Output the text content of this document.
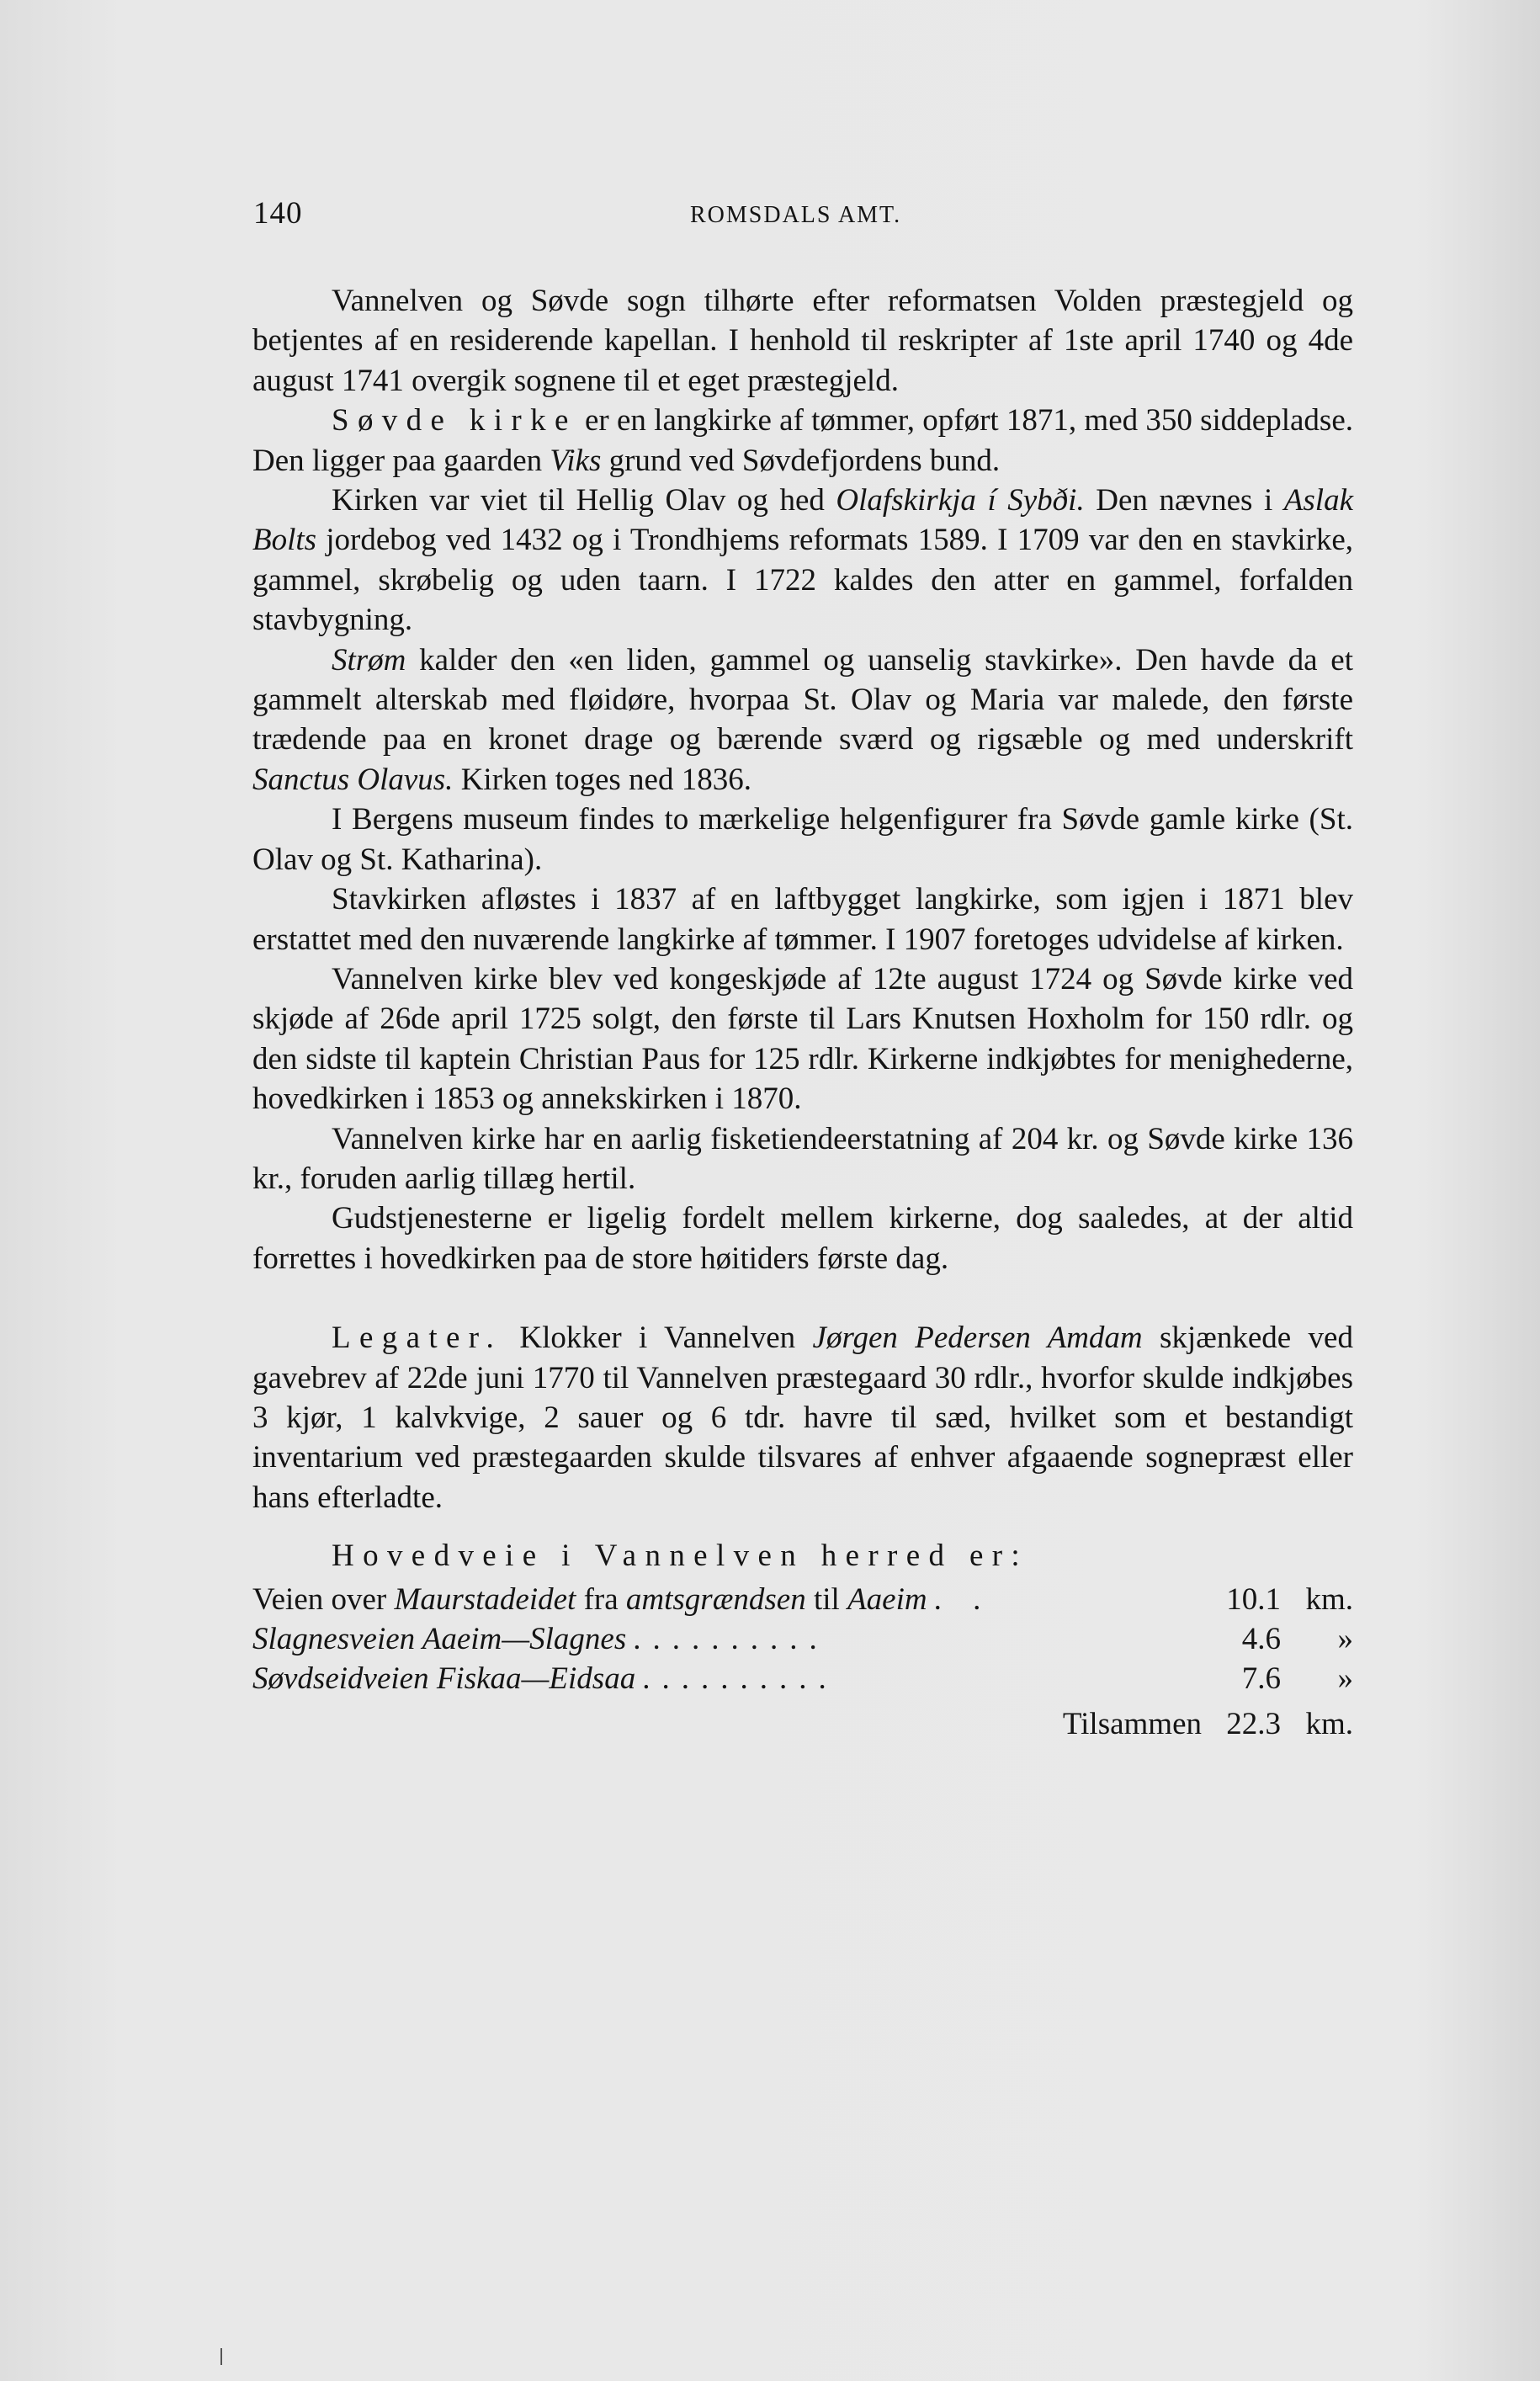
140	ROMSDALS AMT.

Vannelven og Søvde sogn tilhørte efter reformatsen Volden præstegjeld og betjentes af en residerende kapellan. I henhold til reskripter af 1ste april 1740 og 4de august 1741 overgik sognene til et eget præstegjeld.

Søvde kirke er en langkirke af tømmer, opført 1871, med 350 siddepladse. Den ligger paa gaarden Viks grund ved Søvdefjordens bund.

Kirken var viet til Hellig Olav og hed Olafskirkja í Sybði. Den nævnes i Aslak Bolts jordebog ved 1432 og i Trondhjems reformats 1589. I 1709 var den en stavkirke, gammel, skrøbelig og uden taarn. I 1722 kaldes den atter en gammel, forfalden stavbygning.

Strøm kalder den «en liden, gammel og uanselig stavkirke». Den havde da et gammelt alterskab med fløidøre, hvorpaa St. Olav og Maria var malede, den første trædende paa en kronet drage og bærende sværd og rigsæble og med underskrift Sanctus Olavus. Kirken toges ned 1836.

I Bergens museum findes to mærkelige helgenfigurer fra Søvde gamle kirke (St. Olav og St. Katharina).

Stavkirken afløstes i 1837 af en laftbygget langkirke, som igjen i 1871 blev erstattet med den nuværende langkirke af tømmer. I 1907 foretoges udvidelse af kirken.

Vannelven kirke blev ved kongeskjøde af 12te august 1724 og Søvde kirke ved skjøde af 26de april 1725 solgt, den første til Lars Knutsen Hoxholm for 150 rdlr. og den sidste til kaptein Christian Paus for 125 rdlr. Kirkerne indkjøbtes for menighederne, hovedkirken i 1853 og annekskirken i 1870.

Vannelven kirke har en aarlig fisketiendeerstatning af 204 kr. og Søvde kirke 136 kr., foruden aarlig tillæg hertil.

Gudstjenesterne er ligelig fordelt mellem kirkerne, dog saaledes, at der altid forrettes i hovedkirken paa de store høitiders første dag.

Legater. Klokker i Vannelven Jørgen Pedersen Amdam skjænkede ved gavebrev af 22de juni 1770 til Vannelven præstegaard 30 rdlr., hvorfor skulde indkjøbes 3 kjør, 1 kalvkvige, 2 sauer og 6 tdr. havre til sæd, hvilket som et bestandigt inventarium ved præstegaarden skulde tilsvares af enhver afgaaende sognepræst eller hans efterladte.

Hovedveie i Vannelven herred er:

Veien over Maurstadeidet fra amtsgrændsen til Aaeim . .	10.1 km.
Slagnesveien Aaeim—Slagnes ..........	4.6	»
Søvdseidveien Fiskaa—Eidsaa ..........	7.6	»
Tilsammen 22.3 km.
